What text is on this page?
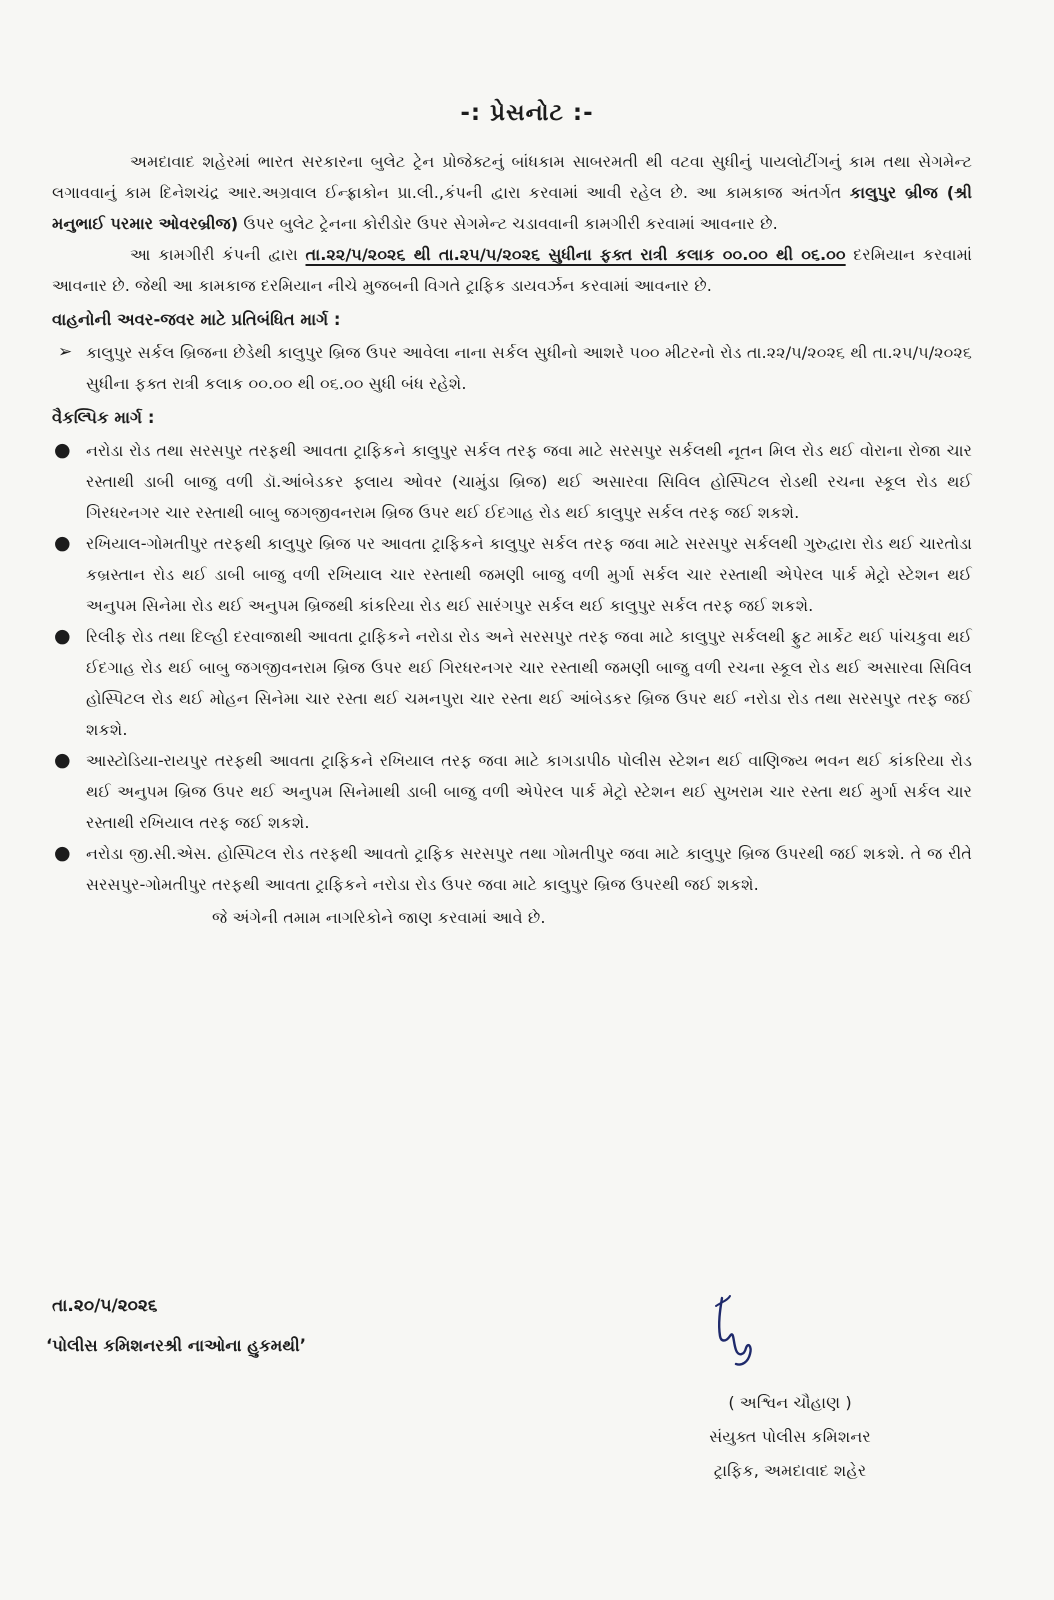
-: પ્રેસનોટ :-

અમદાવાદ શહેરમાં ભારત સરકારના બુલેટ ટ્રેન પ્રોજેક્ટનું બાંધકામ સાબરમતી થી વટવા સુધીનું પાયલોટીંગનું કામ તથા સેગમેન્ટ લગાવવાનું કામ દિનેશચંદ્ર આર.અગ્રવાલ ઈન્ફ્રાકોન પ્રા.લી.,કંપની દ્વારા કરવામાં આવી રહેલ છે. આ કામકાજ અંતર્ગત કાલુપુર બ્રીજ (શ્રી મનુભાઈ પરમાર ઓવરબ્રીજ) ઉપર બુલેટ ટ્રેનના કોરીડોર ઉપર સેગમેન્ટ ચડાવવાની કામગીરી કરવામાં આવનાર છે.

આ કામગીરી કંપની દ્વારા તા.૨૨/૫/૨૦૨૬ થી તા.૨૫/૫/૨૦૨૬ સુધીના ફક્ત રાત્રી કલાક ૦૦.૦૦ થી ૦૬.૦૦ દરમિયાન કરવામાં આવનાર છે. જેથી આ કામકાજ દરમિયાન નીચે મુજબની વિગતે ટ્રાફિક ડાયવર્ઝન કરવામાં આવનાર છે.

વાહનોની અવર-જવર માટે પ્રતિબંધિત માર્ગ :
➢ કાલુપુર સર્કલ બ્રિજના છેડેથી કાલુપુર બ્રિજ ઉપર આવેલા નાના સર્કલ સુધીનો આશરે ૫૦૦ મીટરનો રોડ તા.૨૨/૫/૨૦૨૬ થી તા.૨૫/૫/૨૦૨૬ સુધીના ફક્ત રાત્રી કલાક ૦૦.૦૦ થી ૦૬.૦૦ સુધી બંધ રહેશે.
વૈકલ્પિક માર્ગ :
● નરોડા રોડ તથા સરસપુર તરફથી આવતા ટ્રાફિકને કાલુપુર સર્કલ તરફ જવા માટે સરસપુર સર્કલથી નૂતન મિલ રોડ થઈ વોરાના રોજા ચાર રસ્તાથી ડાબી બાજુ વળી ડૉ.આંબેડકર ફ્લાય ઓવર (ચામુંડા બ્રિજ) થઈ અસારવા સિવિલ હોસ્પિટલ રોડથી રચના સ્કૂલ રોડ થઈ ગિરધરનગર ચાર રસ્તાથી બાબુ જગજીવનરામ બ્રિજ ઉપર થઈ ઈદગાહ રોડ થઈ કાલુપુર સર્કલ તરફ જઈ શકશે.
● રખિયાલ-ગોમતીપુર તરફથી કાલુપુર બ્રિજ પર આવતા ટ્રાફિકને કાલુપુર સર્કલ તરફ જવા માટે સરસપુર સર્કલથી ગુરુદ્વારા રોડ થઈ ચારતોડા કબ્રસ્તાન રોડ થઈ ડાબી બાજુ વળી રખિયાલ ચાર રસ્તાથી જમણી બાજુ વળી મુર્ગા સર્કલ ચાર રસ્તાથી એપેરલ પાર્ક મેટ્રો સ્ટેશન થઈ અનુપમ સિનેમા રોડ થઈ અનુપમ બ્રિજથી કાંકરિયા રોડ થઈ સારંગપુર સર્કલ થઈ કાલુપુર સર્કલ તરફ જઈ શકશે.
● રિલીફ રોડ તથા દિલ્હી દરવાજાથી આવતા ટ્રાફિકને નરોડા રોડ અને સરસપુર તરફ જવા માટે કાલુપુર સર્કલથી ફ્રુટ માર્કેટ થઈ પાંચકુવા થઈ ઈદગાહ રોડ થઈ બાબુ જગજીવનરામ બ્રિજ ઉપર થઈ ગિરધરનગર ચાર રસ્તાથી જમણી બાજુ વળી રચના સ્કૂલ રોડ થઈ અસારવા સિવિલ હોસ્પિટલ રોડ થઈ મોહન સિનેમા ચાર રસ્તા થઈ ચમનપુરા ચાર રસ્તા થઈ આંબેડકર બ્રિજ ઉપર થઈ નરોડા રોડ તથા સરસપુર તરફ જઈ શકશે.
● આસ્ટોડિયા-રાયપુર તરફથી આવતા ટ્રાફિકને રખિયાલ તરફ જવા માટે કાગડાપીઠ પોલીસ સ્ટેશન થઈ વાણિજ્ય ભવન થઈ કાંકરિયા રોડ થઈ અનુપમ બ્રિજ ઉપર થઈ અનુપમ સિનેમાથી ડાબી બાજુ વળી એપેરલ પાર્ક મેટ્રો સ્ટેશન થઈ સુખરામ ચાર રસ્તા થઈ મુર્ગા સર્કલ ચાર રસ્તાથી રખિયાલ તરફ જઈ શકશે.
● નરોડા જી.સી.એસ. હોસ્પિટલ રોડ તરફથી આવતો ટ્રાફિક સરસપુર તથા ગોમતીપુર જવા માટે કાલુપુર બ્રિજ ઉપરથી જઈ શકશે. તે જ રીતે સરસપુર-ગોમતીપુર તરફથી આવતા ટ્રાફિકને નરોડા રોડ ઉપર જવા માટે કાલુપુર બ્રિજ ઉપરથી જઈ શકશે.

જે અંગેની તમામ નાગરિકોને જાણ કરવામાં આવે છે.

તા.૨૦/૫/૨૦૨૬
‘પોલીસ કમિશનરશ્રી નાઓના હુકમથી’
( અશ્વિન ચૌહાણ )
સંયુક્ત પોલીસ કમિશનર
ટ્રાફિક, અમદાવાદ શહેર
